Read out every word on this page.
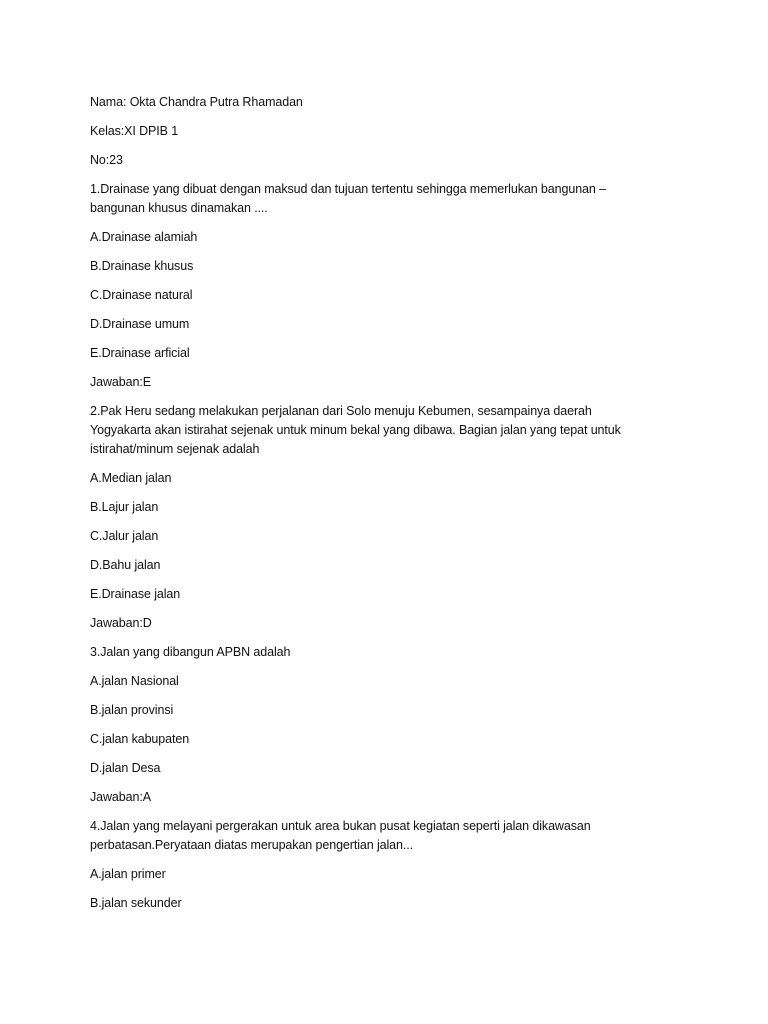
Nama: Okta Chandra Putra Rhamadan

Kelas:XI DPIB 1

No:23

1.Drainase yang dibuat dengan maksud dan tujuan tertentu sehingga memerlukan bangunan – bangunan khusus dinamakan ....

A.Drainase alamiah

B.Drainase khusus

C.Drainase natural

D.Drainase umum

E.Drainase arficial

Jawaban:E

2.Pak Heru sedang melakukan perjalanan dari Solo menuju Kebumen, sesampainya daerah Yogyakarta akan istirahat sejenak untuk minum bekal yang dibawa. Bagian jalan yang tepat untuk istirahat/minum sejenak adalah

A.Median jalan

B.Lajur jalan

C.Jalur jalan

D.Bahu jalan

E.Drainase jalan

Jawaban:D

3.Jalan yang dibangun APBN adalah

A.jalan Nasional

B.jalan provinsi

C.jalan kabupaten

D.jalan Desa

Jawaban:A

4.Jalan yang melayani pergerakan untuk area bukan pusat kegiatan seperti jalan dikawasan perbatasan.Peryataan diatas merupakan pengertian jalan...

A.jalan primer

B.jalan sekunder
